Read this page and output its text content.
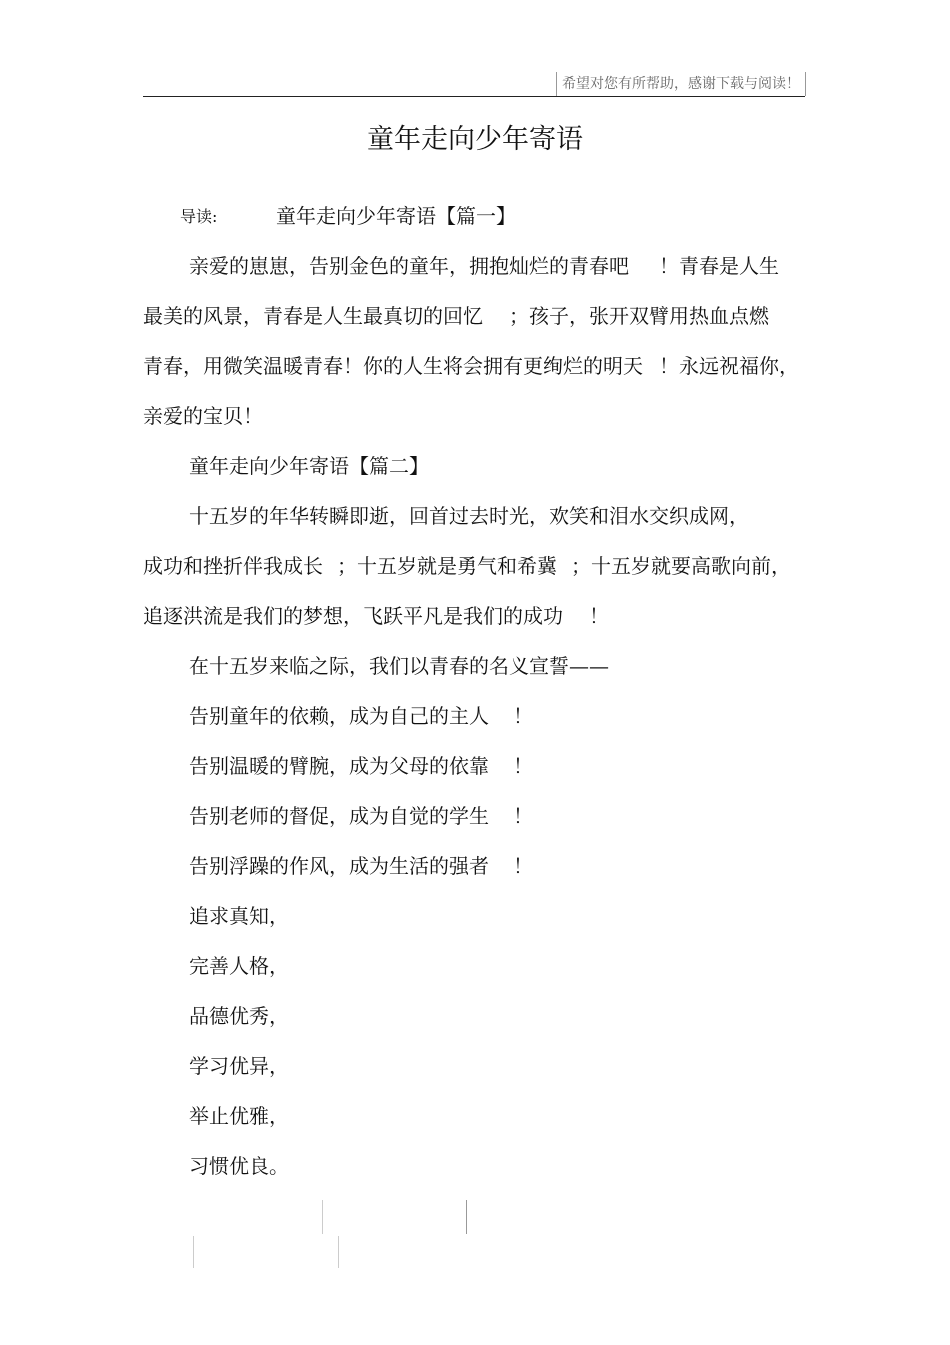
希望对您有所帮助，感谢下载与阅读！
童年走向少年寄语
导读:	童年走向少年寄语【篇一】
亲爱的崽崽，告别金色的童年，拥抱灿烂的青春吧 ！青春是人生
最美的风景，青春是人生最真切的回忆 ；孩子，张开双臂用热血点燃
青春，用微笑温暖青春！你的人生将会拥有更绚烂的明天 ！永远祝福你，
亲爱的宝贝！
童年走向少年寄语【篇二】
十五岁的年华转瞬即逝，回首过去时光，欢笑和泪水交织成网，
成功和挫折伴我成长 ；十五岁就是勇气和希冀 ；十五岁就要高歌向前，
追逐洪流是我们的梦想，飞跃平凡是我们的成功 ！
在十五岁来临之际，我们以青春的名义宣誓——
告别童年的依赖，成为自己的主人 ！
告别温暖的臂腕，成为父母的依靠 ！
告别老师的督促，成为自觉的学生 ！
告别浮躁的作风，成为生活的强者 ！
追求真知，
完善人格，
品德优秀，
学习优异，
举止优雅，
习惯优良。
